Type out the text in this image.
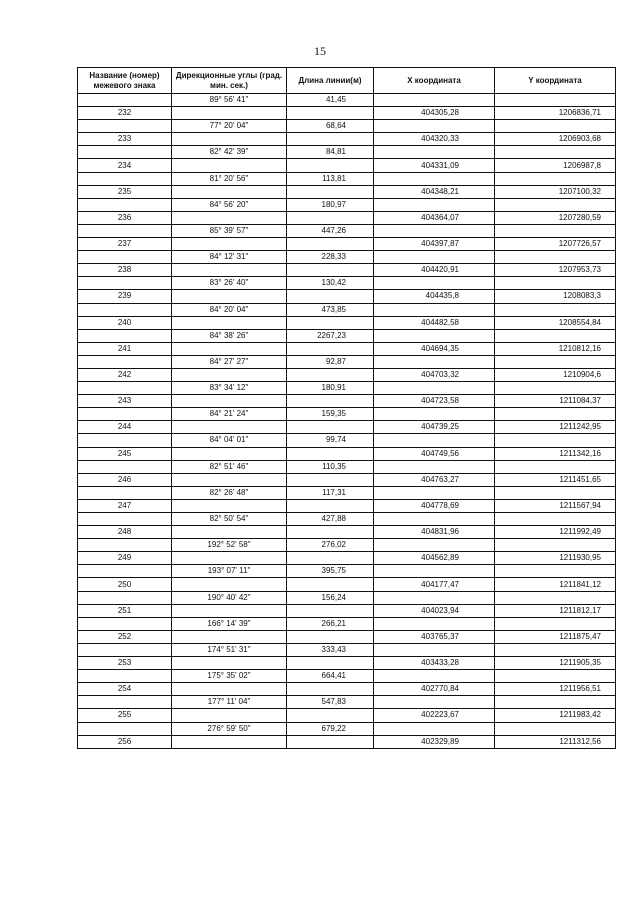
15
Название (номер) межевого знака	Дирекционные углы (град. мин. сек.)	Длина линии(м)	X координата	Y координата
	89° 56' 41"	41,45		
232			404305,28	1206836,71
	77° 20' 04"	68,64		
233			404320,33	1206903,68
	82° 42' 39"	84,81		
234			404331,09	1206987,8
	81° 20' 56"	113,81		
235			404348,21	1207100,32
	84° 56' 20"	180,97		
236			404364,07	1207280,59
	85° 39' 57"	447,26		
237			404397,87	1207726,57
	84° 12' 31"	228,33		
238			404420,91	1207953,73
	83° 26' 40"	130,42		
239			404435,8	1208083,3
	84° 20' 04"	473,85		
240			404482,58	1208554,84
	84° 38' 26"	2267,23		
241			404694,35	1210812,16
	84° 27' 27"	92,87		
242			404703,32	1210904,6
	83° 34' 12"	180,91		
243			404723,58	1211084,37
	84° 21' 24"	159,35		
244			404739,25	1211242,95
	84° 04' 01"	99,74		
245			404749,56	1211342,16
	82° 51' 46"	110,35		
246			404763,27	1211451,65
	82° 26' 48"	117,31		
247			404778,69	1211567,94
	82° 50' 54"	427,88		
248			404831,96	1211992,49
	192° 52' 58"	276,02		
249			404562,89	1211930,95
	193° 07' 11"	395,75		
250			404177,47	1211841,12
	190° 40' 42"	156,24		
251			404023,94	1211812,17
	166° 14' 39"	266,21		
252			403765,37	1211875,47
	174° 51' 31"	333,43		
253			403433,28	1211905,35
	175° 35' 02"	664,41		
254			402770,84	1211956,51
	177° 11' 04"	547,83		
255			402223,67	1211983,42
	276° 59' 50"	679,22		
256			402329,89	1211312,56
